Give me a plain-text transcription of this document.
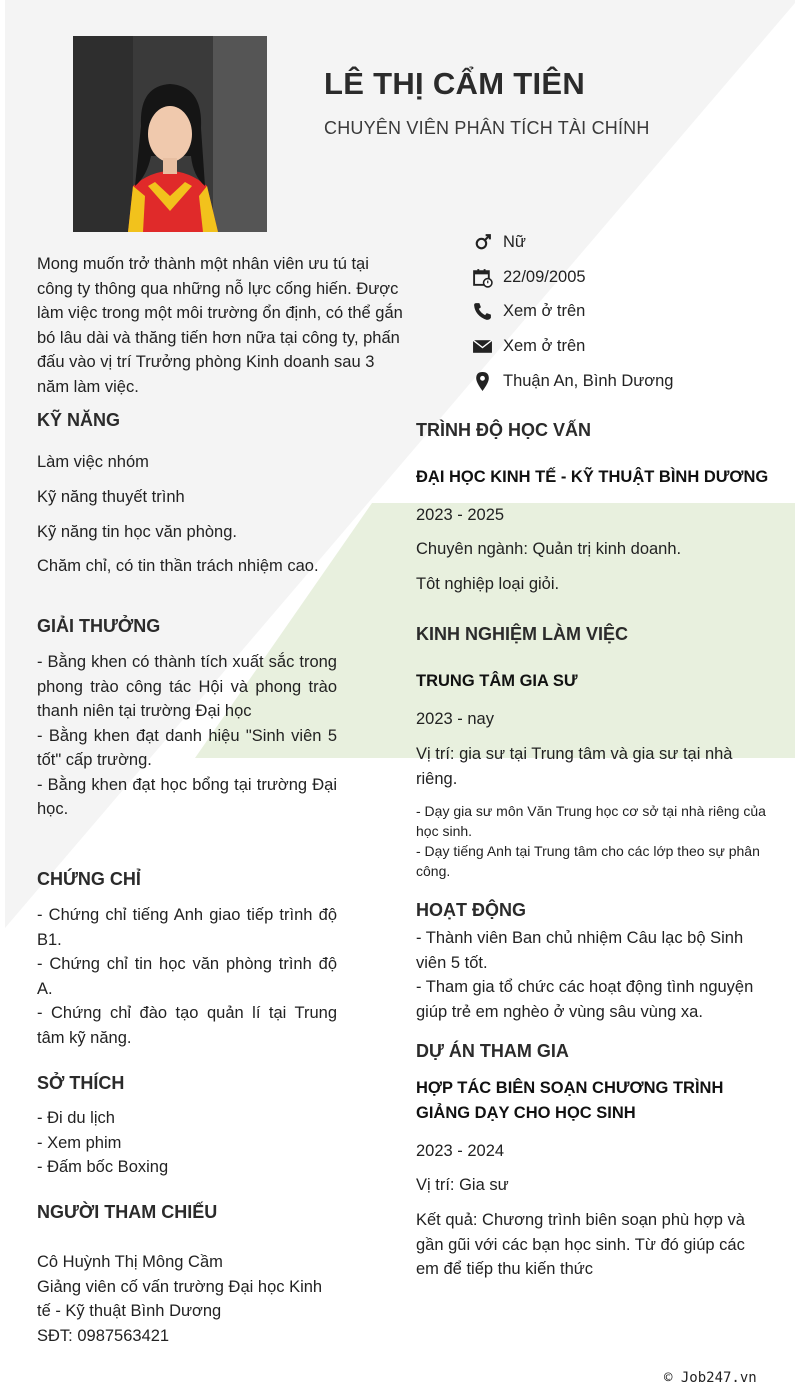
LÊ THỊ CẨM TIÊN
CHUYÊN VIÊN PHÂN TÍCH TÀI CHÍNH
Nữ
22/09/2005
Xem ở trên
Xem ở trên
Thuận An, Bình Dương

Mong muốn trở thành một nhân viên ưu tú tại công ty thông qua những nỗ lực cống hiến. Được làm việc trong một môi trường ổn định, có thể gắn bó lâu dài và thăng tiến hơn nữa tại công ty, phấn đấu vào vị trí Trưởng phòng Kinh doanh sau 3 năm làm việc.

KỸ NĂNG
Làm việc nhóm
Kỹ năng thuyết trình
Kỹ năng tin học văn phòng.
Chăm chỉ, có tin thần trách nhiệm cao.
GIẢI THƯỞNG

- Bằng khen có thành tích xuất sắc trong phong trào công tác Hội và phong trào thanh niên tại trường Đại học

- Bằng khen đạt danh hiệu "Sinh viên 5 tốt" cấp trường.

- Bằng khen đạt học bổng tại trường Đại học.

CHỨNG CHỈ

- Chứng chỉ tiếng Anh giao tiếp trình độ B1.

- Chứng chỉ tin học văn phòng trình độ A.

- Chứng chỉ đào tạo quản lí tại Trung tâm kỹ năng.

SỞ THÍCH

- Đi du lịch

- Xem phim

- Đấm bốc Boxing

NGƯỜI THAM CHIẾU

Cô Huỳnh Thị Mông Cầm

Giảng viên cố vấn trường Đại học Kinh tế - Kỹ thuật Bình Dương

SĐT: 0987563421

TRÌNH ĐỘ HỌC VẤN
ĐẠI HỌC KINH TẾ - KỸ THUẬT BÌNH DƯƠNG
2023 - 2025
Chuyên ngành: Quản trị kinh doanh.
Tôt nghiệp loại giỏi.
KINH NGHIỆM LÀM VIỆC
TRUNG TÂM GIA SƯ
2023 - nay
Vị trí: gia sư tại Trung tâm và gia sư tại nhà riêng.

- Dạy gia sư môn Văn Trung học cơ sở tại nhà riêng của học sinh.

- Dạy tiếng Anh tại Trung tâm cho các lớp theo sự phân công.

HOẠT ĐỘNG

- Thành viên Ban chủ nhiệm Câu lạc bộ Sinh viên 5 tốt.

- Tham gia tổ chức các hoạt động tình nguyện giúp trẻ em nghèo ở vùng sâu vùng xa.

DỰ ÁN THAM GIA
HỢP TÁC BIÊN SOẠN CHƯƠNG TRÌNH GIẢNG DẠY CHO HỌC SINH
2023 - 2024
Vị trí: Gia sư
Kết quả: Chương trình biên soạn phù hợp và gần gũi với các bạn học sinh. Từ đó giúp các em để tiếp thu kiến thức
© Job247.vn
